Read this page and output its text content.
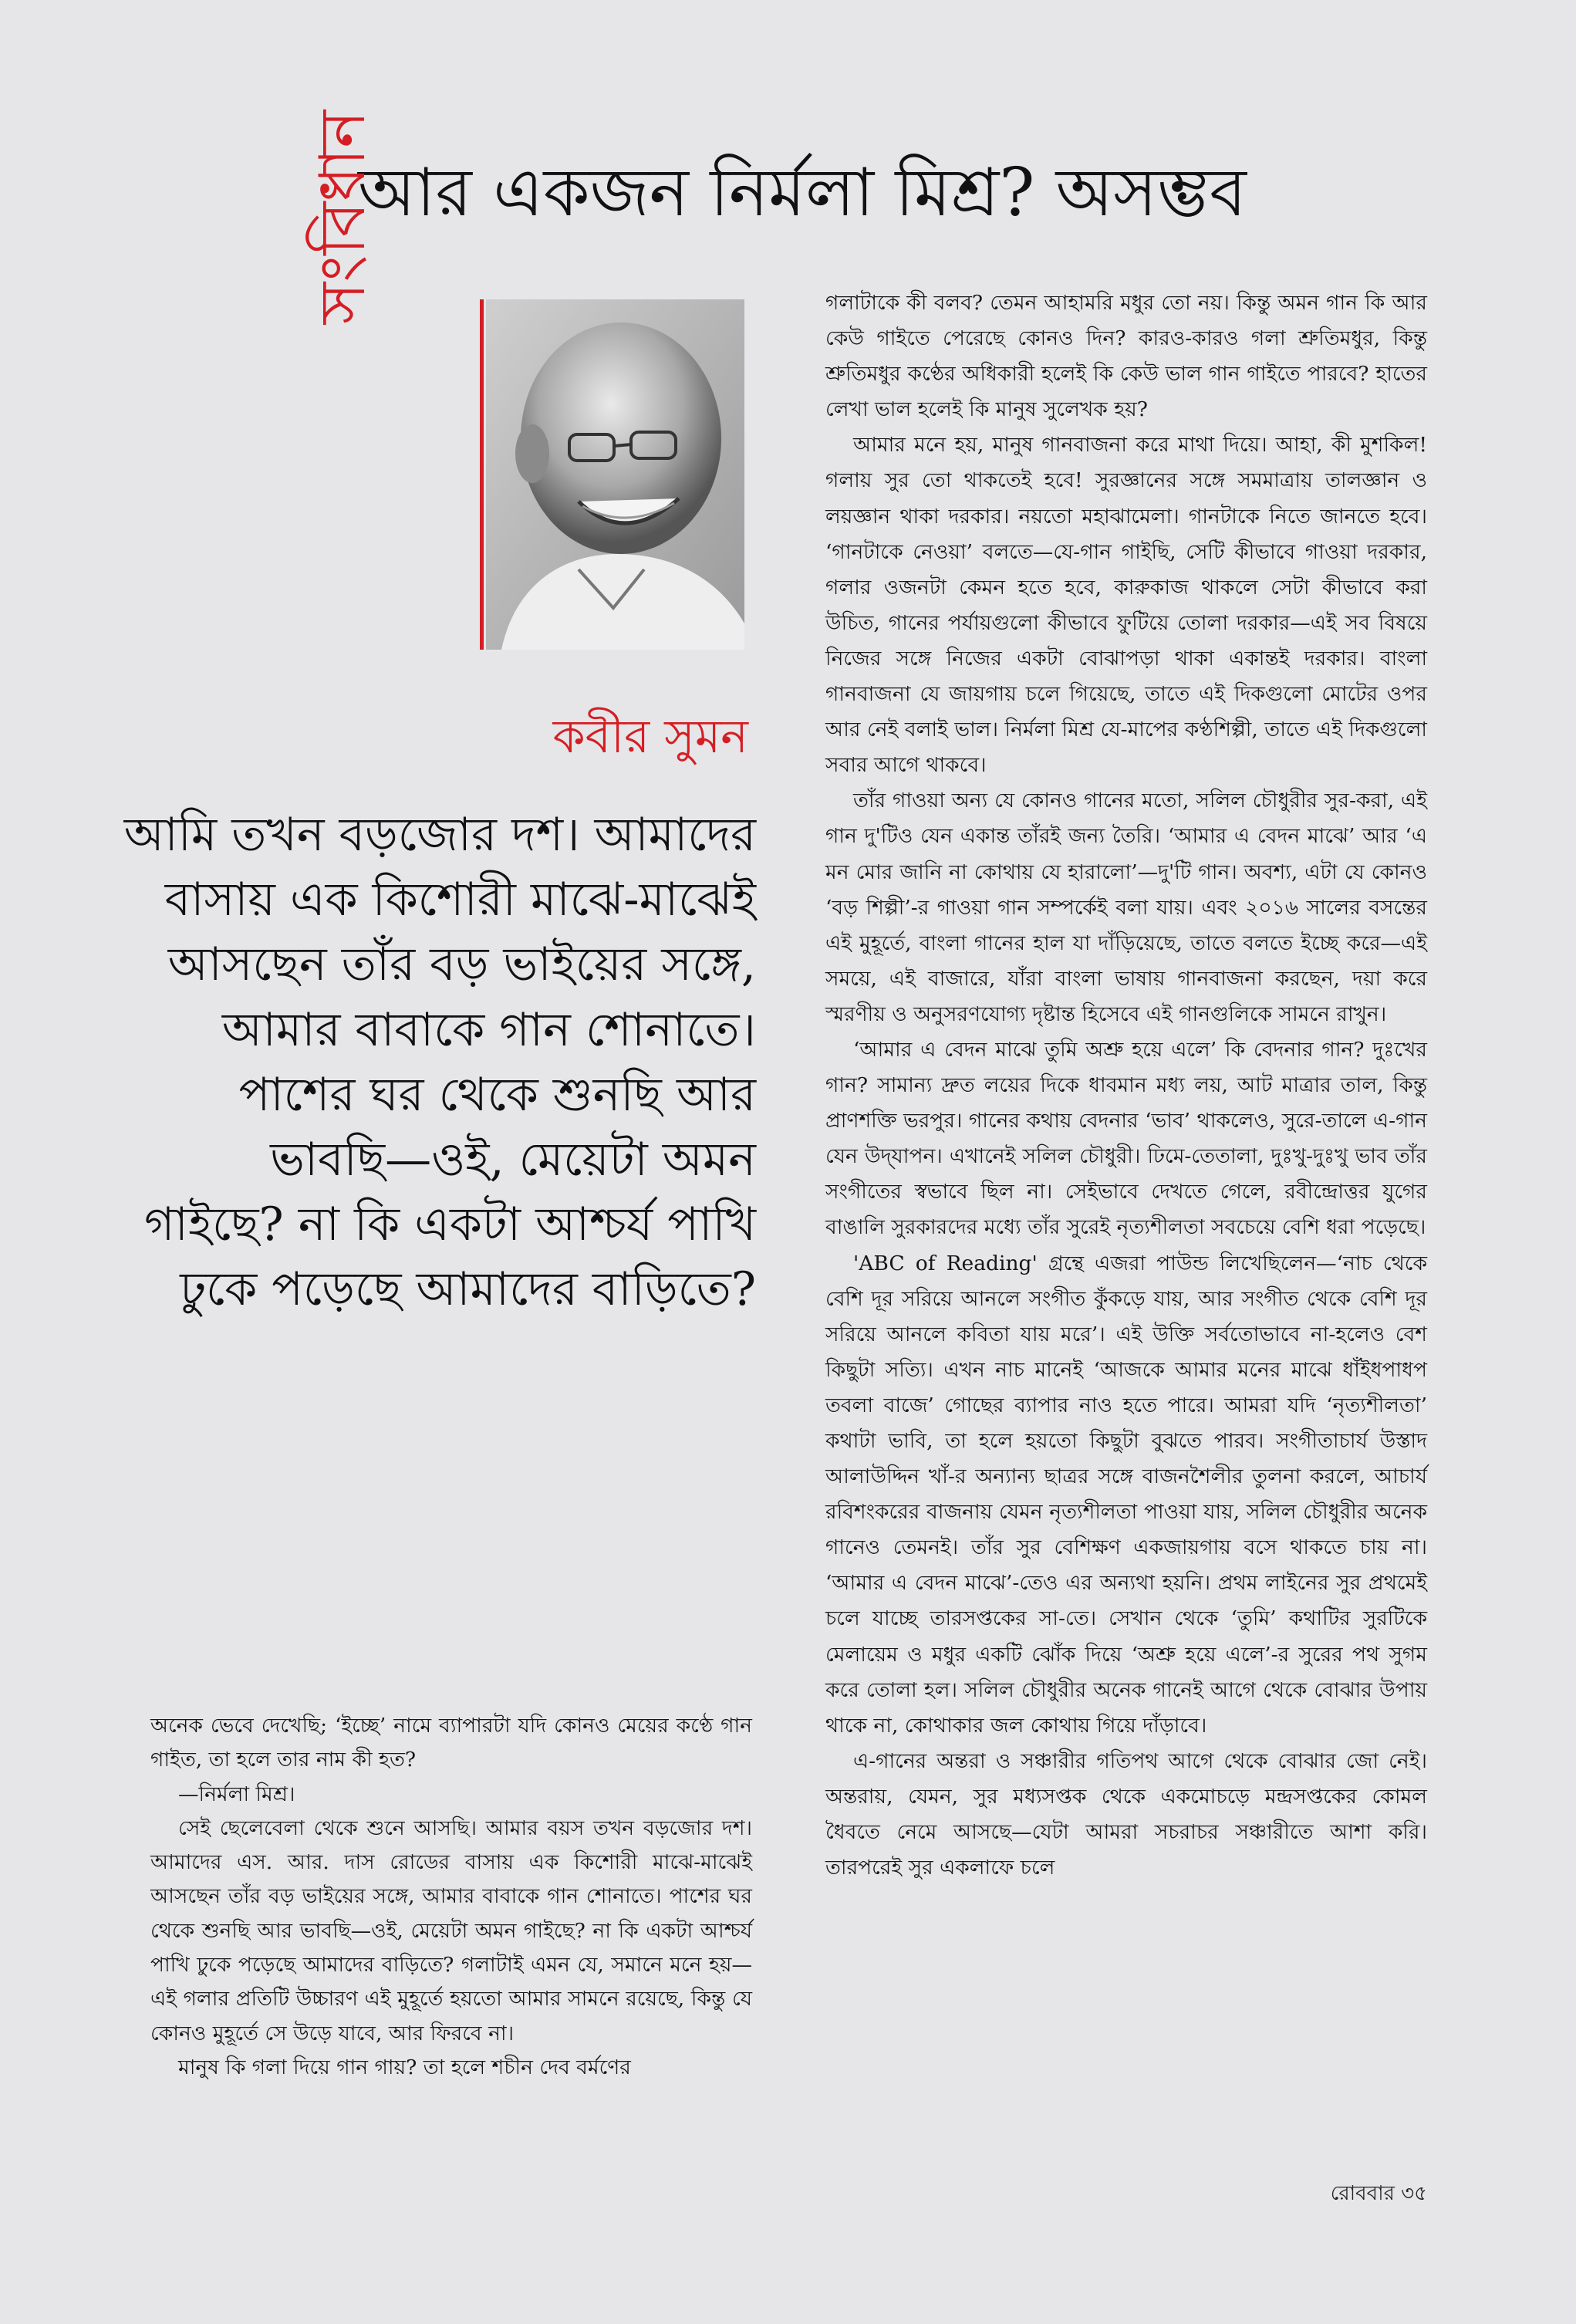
আর একজন নির্মলা মিশ্র? অসম্ভব
সংবিধান
কবীর সুমন
আমি তখন বড়জোর দশ। আমাদের বাসায় এক কিশোরী মাঝে-মাঝেই আসছেন তাঁর বড় ভাইয়ের সঙ্গে, আমার বাবাকে গান শোনাতে। পাশের ঘর থেকে শুনছি আর ভাবছি—ওই, মেয়েটা অমন গাইছে? না কি একটা আশ্চর্য পাখি ঢুকে পড়েছে আমাদের বাড়িতে?

অনেক ভেবে দেখেছি; ‘ইচ্ছে’ নামে ব্যাপারটা যদি কোনও মেয়ের কণ্ঠে গান গাইত, তা হলে তার নাম কী হত?

—নির্মলা মিশ্র।

সেই ছেলেবেলা থেকে শুনে আসছি। আমার বয়স তখন বড়জোর দশ। আমাদের এস. আর. দাস রোডের বাসায় এক কিশোরী মাঝে-মাঝেই আসছেন তাঁর বড় ভাইয়ের সঙ্গে, আমার বাবাকে গান শোনাতে। পাশের ঘর থেকে শুনছি আর ভাবছি—ওই, মেয়েটা অমন গাইছে? না কি একটা আশ্চর্য পাখি ঢুকে পড়েছে আমাদের বাড়িতে? গলাটাই এমন যে, সমানে মনে হয়—এই গলার প্রতিটি উচ্চারণ এই মুহূর্তে হয়তো আমার সামনে রয়েছে, কিন্তু যে কোনও মুহূর্তে সে উড়ে যাবে, আর ফিরবে না।

মানুষ কি গলা দিয়ে গান গায়? তা হলে শচীন দেব বর্মণের

গলাটাকে কী বলব? তেমন আহামরি মধুর তো নয়। কিন্তু অমন গান কি আর কেউ গাইতে পেরেছে কোনও দিন? কারও-কারও গলা শ্রুতিমধুর, কিন্তু শ্রুতিমধুর কণ্ঠের অধিকারী হলেই কি কেউ ভাল গান গাইতে পারবে? হাতের লেখা ভাল হলেই কি মানুষ সুলেখক হয়?

আমার মনে হয়, মানুষ গানবাজনা করে মাথা দিয়ে। আহা, কী মুশকিল! গলায় সুর তো থাকতেই হবে! সুরজ্ঞানের সঙ্গে সমমাত্রায় তালজ্ঞান ও লয়জ্ঞান থাকা দরকার। নয়তো মহাঝামেলা। গানটাকে নিতে জানতে হবে। ‘গানটাকে নেওয়া’ বলতে—যে-গান গাইছি, সেটি কীভাবে গাওয়া দরকার, গলার ওজনটা কেমন হতে হবে, কারুকাজ থাকলে সেটা কীভাবে করা উচিত, গানের পর্যায়গুলো কীভাবে ফুটিয়ে তোলা দরকার—এই সব বিষয়ে নিজের সঙ্গে নিজের একটা বোঝাপড়া থাকা একান্তই দরকার। বাংলা গানবাজনা যে জায়গায় চলে গিয়েছে, তাতে এই দিকগুলো মোটের ওপর আর নেই বলাই ভাল। নির্মলা মিশ্র যে-মাপের কণ্ঠশিল্পী, তাতে এই দিকগুলো সবার আগে থাকবে।

তাঁর গাওয়া অন্য যে কোনও গানের মতো, সলিল চৌধুরীর সুর-করা, এই গান দু'টিও যেন একান্ত তাঁরই জন্য তৈরি। ‘আমার এ বেদন মাঝে’ আর ‘এ মন মোর জানি না কোথায় যে হারালো’—দু'টি গান। অবশ্য, এটা যে কোনও ‘বড় শিল্পী’-র গাওয়া গান সম্পর্কেই বলা যায়। এবং ২০১৬ সালের বসন্তের এই মুহূর্তে, বাংলা গানের হাল যা দাঁড়িয়েছে, তাতে বলতে ইচ্ছে করে—এই সময়ে, এই বাজারে, যাঁরা বাংলা ভাষায় গানবাজনা করছেন, দয়া করে স্মরণীয় ও অনুসরণযোগ্য দৃষ্টান্ত হিসেবে এই গানগুলিকে সামনে রাখুন।

‘আমার এ বেদন মাঝে তুমি অশ্রু হয়ে এলে’ কি বেদনার গান? দুঃখের গান? সামান্য দ্রুত লয়ের দিকে ধাবমান মধ্য লয়, আট মাত্রার তাল, কিন্তু প্রাণশক্তি ভরপুর। গানের কথায় বেদনার ‘ভাব’ থাকলেও, সুরে-তালে এ-গান যেন উদ্‌যাপন। এখানেই সলিল চৌধুরী। ঢিমে-তেতালা, দুঃখু-দুঃখু ভাব তাঁর সংগীতের স্বভাবে ছিল না। সেইভাবে দেখতে গেলে, রবীন্দ্রোত্তর যুগের বাঙালি সুরকারদের মধ্যে তাঁর সুরেই নৃত্যশীলতা সবচেয়ে বেশি ধরা পড়েছে।

'ABC of Reading' গ্রন্থে এজরা পাউন্ড লিখেছিলেন—‘নাচ থেকে বেশি দূর সরিয়ে আনলে সংগীত কুঁকড়ে যায়, আর সংগীত থেকে বেশি দূর সরিয়ে আনলে কবিতা যায় মরে’। এই উক্তি সর্বতোভাবে না-হলেও বেশ কিছুটা সত্যি। এখন নাচ মানেই ‘আজকে আমার মনের মাঝে ধাঁইধপাধপ তবলা বাজে’ গোছের ব্যাপার নাও হতে পারে। আমরা যদি ‘নৃত্যশীলতা’ কথাটা ভাবি, তা হলে হয়তো কিছুটা বুঝতে পারব। সংগীতাচার্য উস্তাদ আলাউদ্দিন খাঁ-র অন্যান্য ছাত্রর সঙ্গে বাজনশৈলীর তুলনা করলে, আচার্য রবিশংকরের বাজনায় যেমন নৃত্যশীলতা পাওয়া যায়, সলিল চৌধুরীর অনেক গানেও তেমনই। তাঁর সুর বেশিক্ষণ একজায়গায় বসে থাকতে চায় না। ‘আমার এ বেদন মাঝে’-তেও এর অন্যথা হয়নি। প্রথম লাইনের সুর প্রথমেই চলে যাচ্ছে তারসপ্তকের সা-তে। সেখান থেকে ‘তুমি’ কথাটির সুরটিকে মেলায়েম ও মধুর একটি ঝোঁক দিয়ে ‘অশ্রু হয়ে এলে’-র সুরের পথ সুগম করে তোলা হল। সলিল চৌধুরীর অনেক গানেই আগে থেকে বোঝার উপায় থাকে না, কোথাকার জল কোথায় গিয়ে দাঁড়াবে।

এ-গানের অন্তরা ও সঞ্চারীর গতিপথ আগে থেকে বোঝার জো নেই। অন্তরায়, যেমন, সুর মধ্যসপ্তক থেকে একমোচড়ে মন্দ্রসপ্তকের কোমল ধৈবতে নেমে আসছে—যেটা আমরা সচরাচর সঞ্চারীতে আশা করি। তারপরেই সুর একলাফে চলে

রোববার ৩৫
